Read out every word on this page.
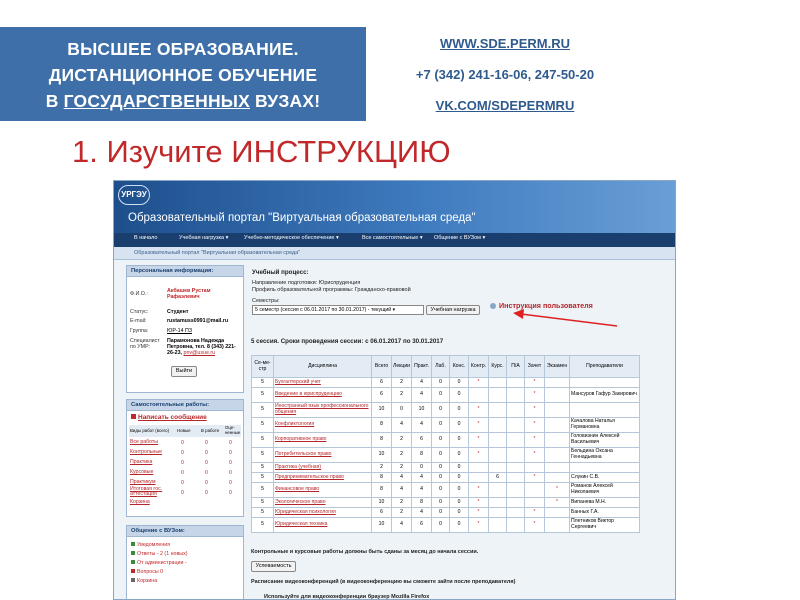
ВЫСШЕЕ ОБРАЗОВАНИЕ.
ДИСТАНЦИОННОЕ ОБУЧЕНИЕ
В ГОСУДАРСТВЕННЫХ ВУЗАХ!
WWW.SDE.PERM.RU
+7 (342) 241-16-06, 247-50-20
VK.COM/SDEPERMRU
1. Изучите ИНСТРУКЦИЮ
УРГЭУ
Образовательный портал "Виртуальная образовательная среда"
В начало	Учебная нагрузка ▾	Учебно-методическое обеспечение ▾	Все самостоятельные ▾ Общение с ВУЗом ▾
Образовательный портал "Виртуальная образовательная среда"
Персональная информация:
Ф.И.О.:	Акбашев Рустам Рафаэлевич
Статус:	Студент
E-mail:	rustamuss0991@mail.ru
Группа:	ЮР-14 ПЗ
Специалист по УМР:
Парамонова Надежда Петровна, тел. 8 (343) 221-26-23, pnv@usue.ru
Выйти
Самостоятельные работы:
Написать сообщение
Виды работ (всего) Новые В работе
Оце-ненные
Все работы	0	0	0
Контрольные	0	0	0
Практика	0	0	0
Курсовые	0	0	0
Практикум	0	0	0
Итоговая гос. аттестация	0	0	0
Корзина
Общение с ВУЗом:
Уведомления
Ответы - 2 (1 новых)
От администрации -
Вопросы 0
Корзина
Учебный процесс:
Направление подготовки: Юриспруденция
Профиль образовательной программы: Гражданско-правовой
Семестры:
5 сессия. Сроки проведения сессии: с 06.01.2017 по 30.01.2017
Контрольные и курсовые работы должны быть сданы за месяц до начала сессии.
Расписание видеоконференций (в видеоконференцию вы сможете зайти после преподавателя)
Используйте для видеоконференции браузер Mozilla Firefox
5 семестр (сессия с 06.01.2017 по 30.01.2017) - текущий ▾	Учебная нагрузка	Инструкция пользователя
Се-ме-стр	Дисциплина	Всего	Лекции	Практ.	Лаб.	Конс.	Контр.	Курс.	П/А	Зачет	Экзамен	Преподаватели
5	Бухгалтерский учет	6	2	4	0	0	*			*		
5	Введение в юриспруденцию	6	2	4	0	0				*		Мансуров Гафур Закирович
5	Иностранный язык профессионального общения	10	0	10	0	0	*			*		
5	Конфликтология	8	4	4	0	0	*			*		Качалова Наталья Германовна
5	Корпоративное право	8	2	6	0	0	*			*		Головизнин Алексей Васильевич
5	Потребительское право	10	2	8	0	0	*			*		Бельдина Оксана Геннадьевна
5	Практика (учебная)	2	2	0	0	0						
5	Предпринимательское право	8	4	4	0	0		6		*		Слукин С.В.
5	Финансовое право	8	4	4	0	0	*				*	Романов Алексей Николаевич
5	Экологическое право	10	2	8	0	0	*				*	Випанева М.Н.
5	Юридическая психология	6	2	4	0	0	*			*		Банных Г.А.
5	Юридическая техника	10	4	6	0	0	*			*		Плетников Виктор Сергеевич
Успеваемость
